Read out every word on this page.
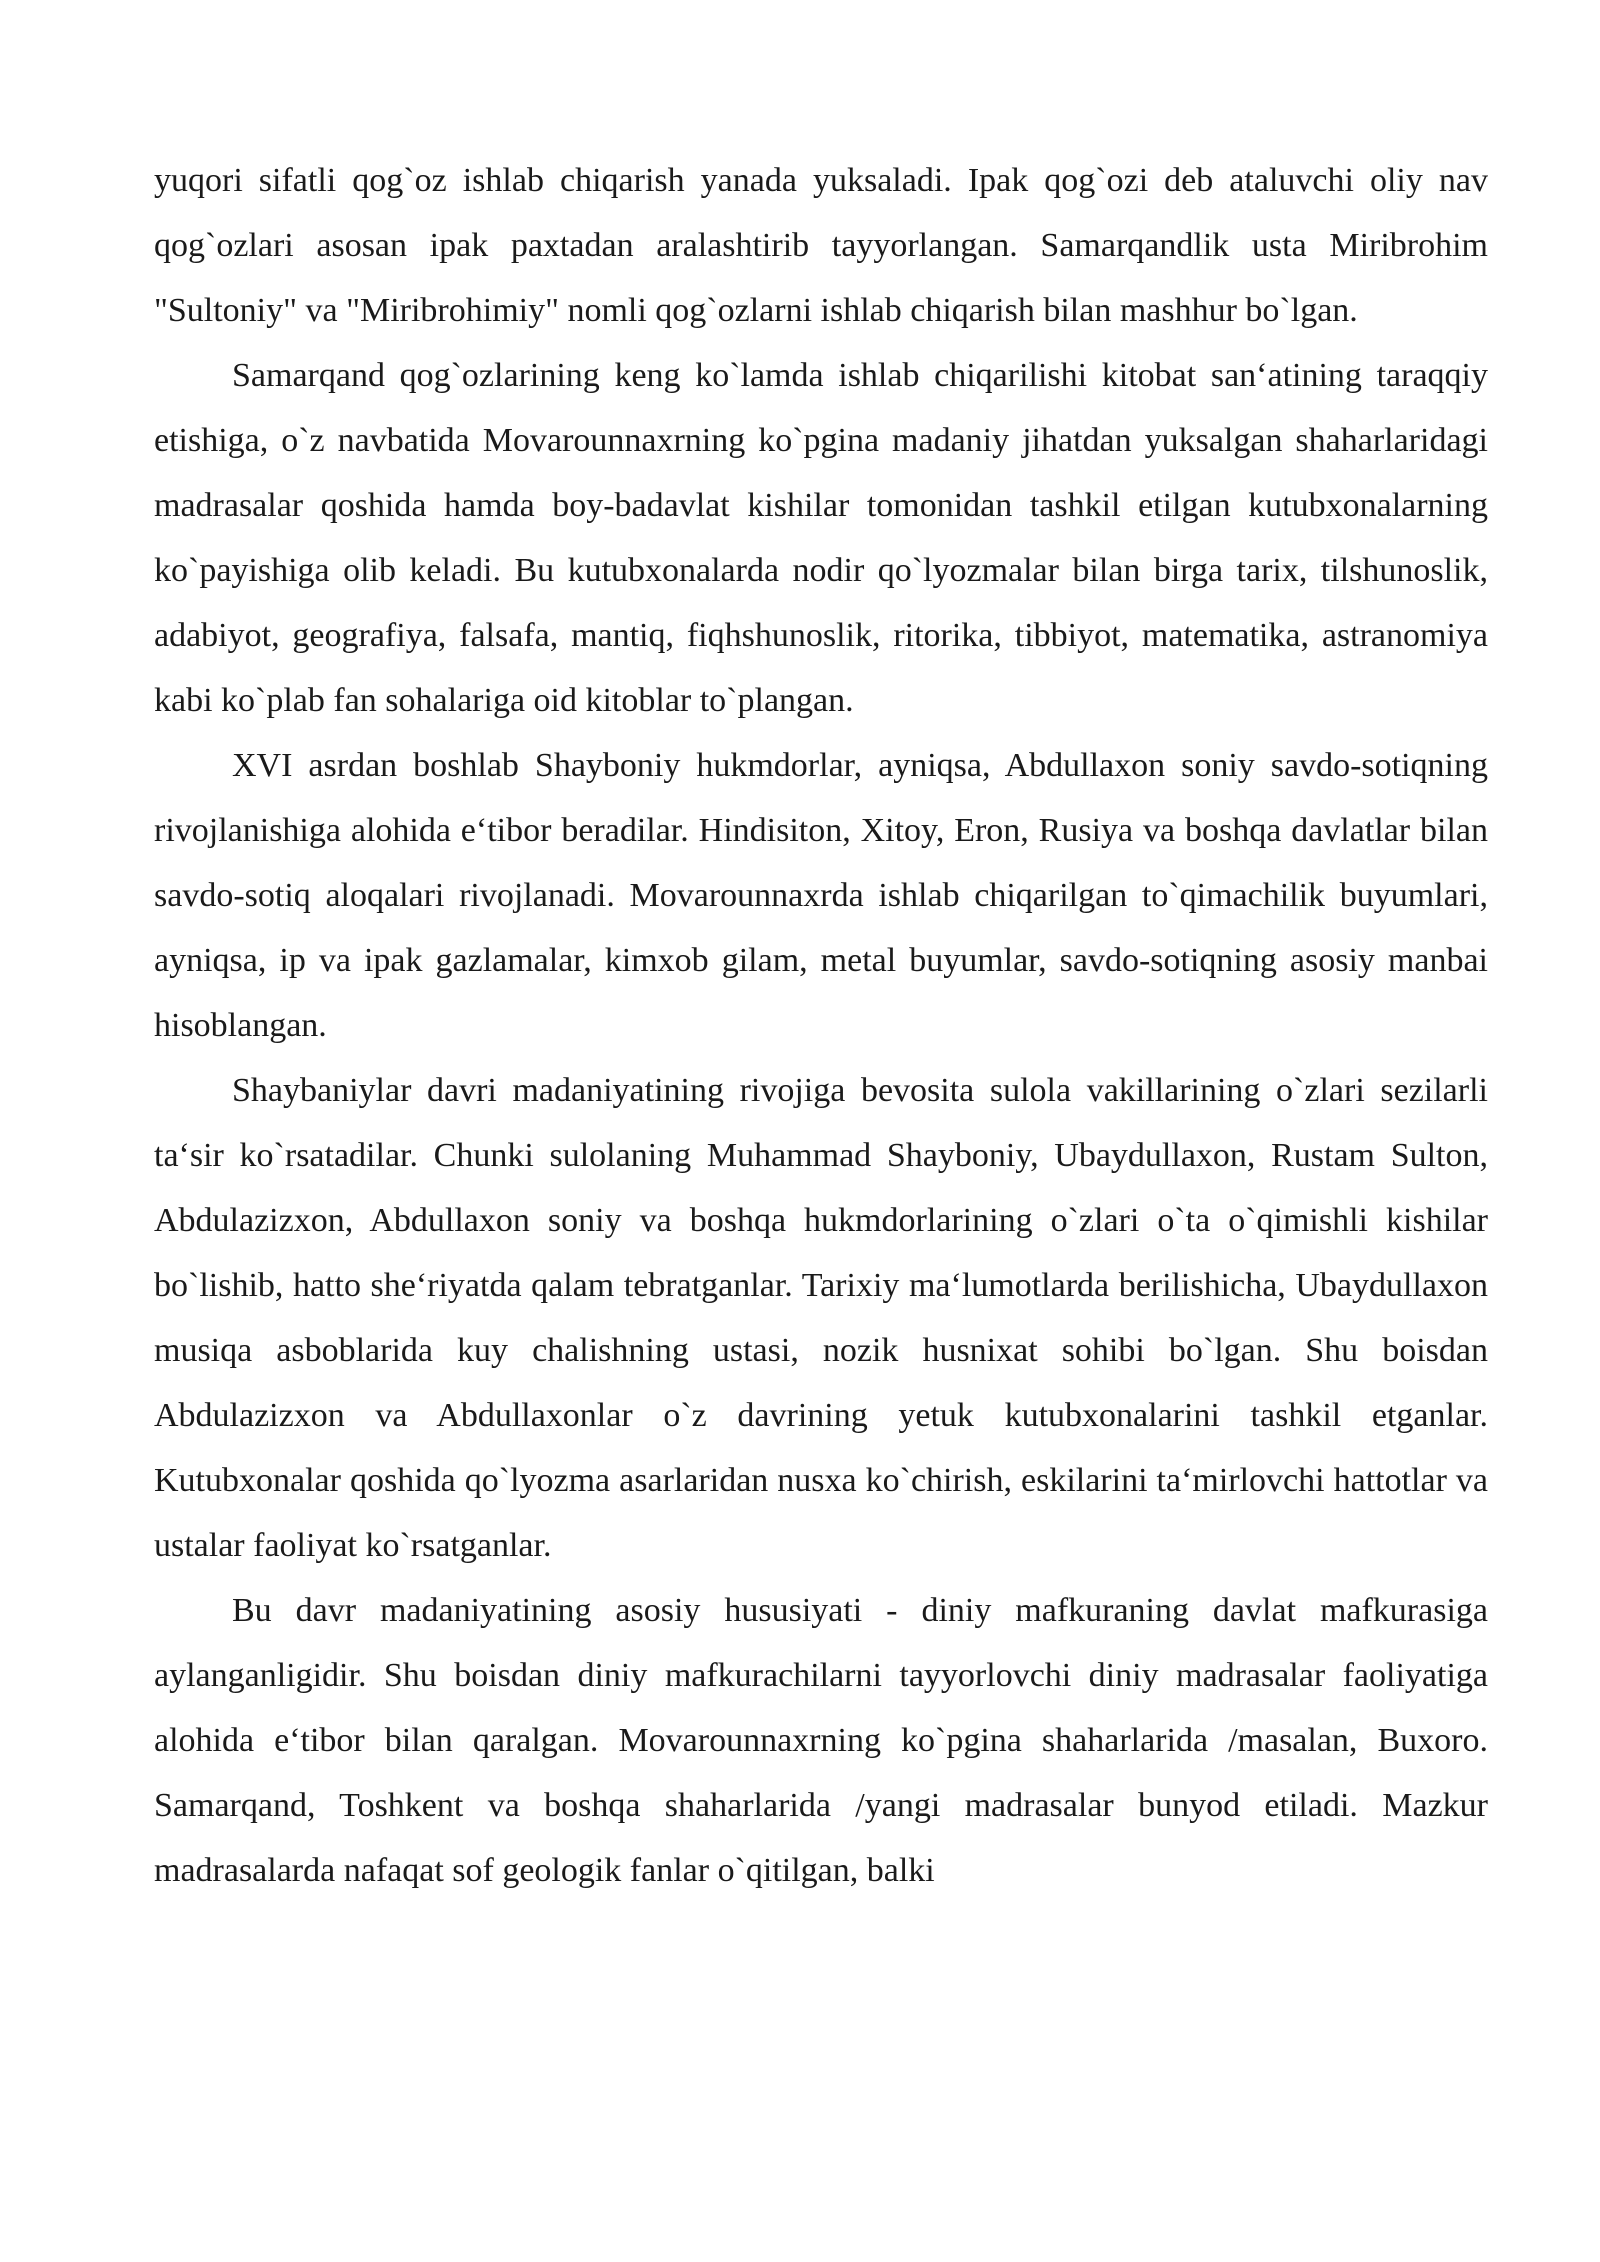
yuqori sifatli qog`oz ishlab chiqarish yanada yuksaladi. Ipak qog`ozi deb ataluvchi oliy nav qog`ozlari asosan ipak paxtadan aralashtirib tayyorlangan. Samarqandlik usta Miribrohim "Sultoniy" va "Miribrohimiy" nomli qog`ozlarni ishlab chiqarish bilan mashhur bo`lgan.

Samarqand qog`ozlarining keng ko`lamda ishlab chiqarilishi kitobat san‘atining taraqqiy etishiga, o`z navbatida Movarounnaxrning ko`pgina madaniy jihatdan yuksalgan shaharlaridagi madrasalar qoshida hamda boy-badavlat kishilar tomonidan tashkil etilgan kutubxonalarning ko`payishiga olib keladi. Bu kutubxonalarda nodir qo`lyozmalar bilan birga tarix, tilshunoslik, adabiyot, geografiya, falsafa, mantiq, fiqhshunoslik, ritorika, tibbiyot, matematika, astranomiya kabi ko`plab fan sohalariga oid kitoblar to`plangan.

XVI asrdan boshlab Shayboniy hukmdorlar, ayniqsa, Abdullaxon soniy savdo-sotiqning rivojlanishiga alohida e‘tibor beradilar. Hindisiton, Xitoy, Eron, Rusiya va boshqa davlatlar bilan savdo-sotiq aloqalari rivojlanadi. Movarounnaxrda ishlab chiqarilgan to`qimachilik buyumlari, ayniqsa, ip va ipak gazlamalar, kimxob gilam, metal buyumlar, savdo-sotiqning asosiy manbai hisoblangan.

Shaybaniylar davri madaniyatining rivojiga bevosita sulola vakillarining o`zlari sezilarli ta‘sir ko`rsatadilar. Chunki sulolaning Muhammad Shayboniy, Ubaydullaxon, Rustam Sulton, Abdulazizxon, Abdullaxon soniy va boshqa hukmdorlarining o`zlari o`ta o`qimishli kishilar bo`lishib, hatto she‘riyatda qalam tebratganlar. Tarixiy ma‘lumotlarda berilishicha, Ubaydullaxon musiqa asboblarida kuy chalishning ustasi, nozik husnixat sohibi bo`lgan. Shu boisdan Abdulazizxon va Abdullaxonlar o`z davrining yetuk kutubxonalarini tashkil etganlar. Kutubxonalar qoshida qo`lyozma asarlaridan nusxa ko`chirish, eskilarini ta‘mirlovchi hattotlar va ustalar faoliyat ko`rsatganlar.

Bu davr madaniyatining asosiy hususiyati - diniy mafkuraning davlat mafkurasiga aylanganligidir. Shu boisdan diniy mafkurachilarni tayyorlovchi diniy madrasalar faoliyatiga alohida e‘tibor bilan qaralgan. Movarounnaxrning ko`pgina shaharlarida /masalan, Buxoro. Samarqand, Toshkent va boshqa shaharlarida /yangi madrasalar bunyod etiladi. Mazkur madrasalarda nafaqat sof geologik fanlar o`qitilgan, balki
